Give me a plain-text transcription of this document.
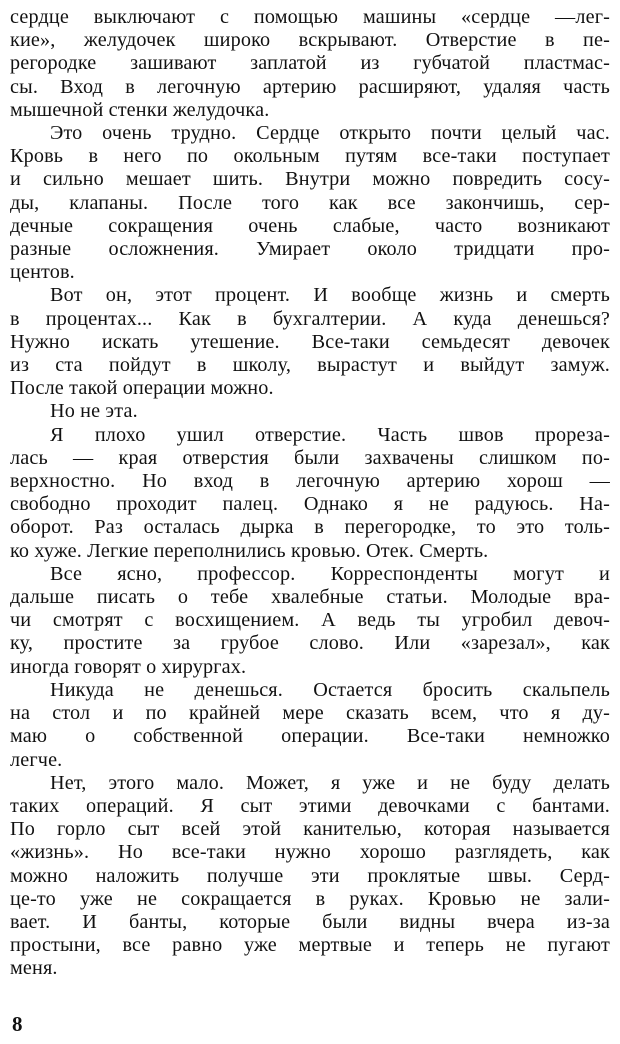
сердце выключают с помощью машины «сердце —лег-
кие», желудочек широко вскрывают. Отверстие в пе-
регородке зашивают заплатой из губчатой пластмас-
сы. Вход в легочную артерию расширяют, удаляя часть
мышечной стенки желудочка.
Это очень трудно. Сердце открыто почти целый час.
Кровь в него по окольным путям все-таки поступает
и сильно мешает шить. Внутри можно повредить сосу-
ды, клапаны. После того как все закончишь, сер-
дечные сокращения очень слабые, часто возникают
разные осложнения. Умирает около тридцати про-
центов.
Вот он, этот процент. И вообще жизнь и смерть
в процентах... Как в бухгалтерии. А куда денешься?
Нужно искать утешение. Все-таки семьдесят девочек
из ста пойдут в школу, вырастут и выйдут замуж.
После такой операции можно.
Но не эта.
Я плохо ушил отверстие. Часть швов прореза-
лась — края отверстия были захвачены слишком по-
верхностно. Но вход в легочную артерию хорош —
свободно проходит палец. Однако я не радуюсь. На-
оборот. Раз осталась дырка в перегородке, то это толь-
ко хуже. Легкие переполнились кровью. Отек. Смерть.
Все ясно, профессор. Корреспонденты могут и
дальше писать о тебе хвалебные статьи. Молодые вра-
чи смотрят с восхищением. А ведь ты угробил девоч-
ку, простите за грубое слово. Или «зарезал», как
иногда говорят о хирургах.
Никуда не денешься. Остается бросить скальпель
на стол и по крайней мере сказать всем, что я ду-
маю о собственной операции. Все-таки немножко
легче.
Нет, этого мало. Может, я уже и не буду делать
таких операций. Я сыт этими девочками с бантами.
По горло сыт всей этой канителью, которая называется
«жизнь». Но все-таки нужно хорошо разглядеть, как
можно наложить получше эти проклятые швы. Серд-
це-то уже не сокращается в руках. Кровью не зали-
вает. И банты, которые были видны вчера из-за
простыни, все равно уже мертвые и теперь не пугают
меня.
8
